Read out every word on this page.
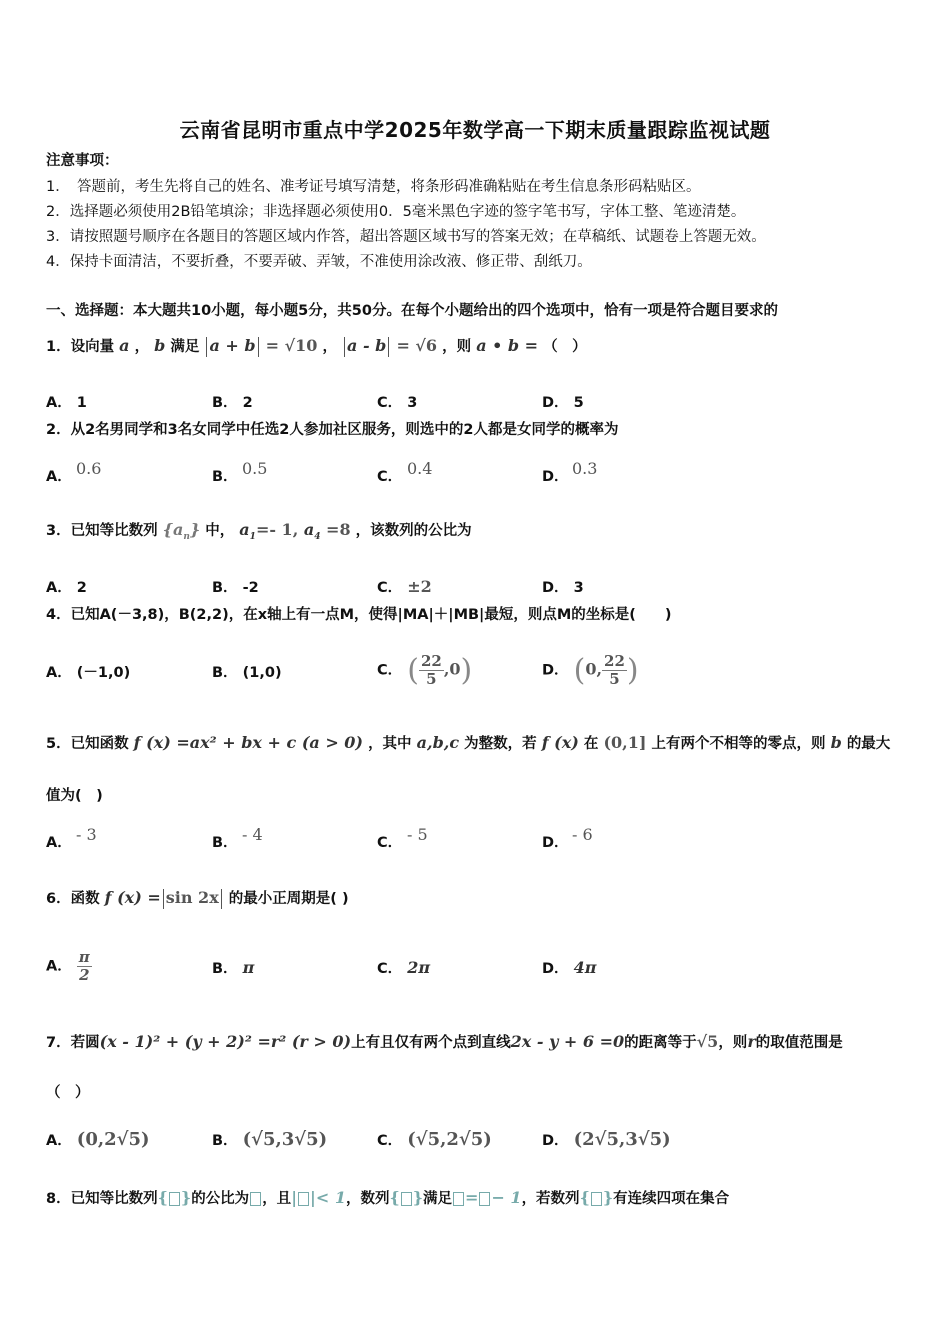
云南省昆明市重点中学2025年数学高一下期末质量跟踪监视试题
注意事项：
1．　答题前，考生先将自己的姓名、准考证号填写清楚，将条形码准确粘贴在考生信息条形码粘贴区。
2．选择题必须使用2B铅笔填涂；非选择题必须使用0．5毫米黑色字迹的签字笔书写，字体工整、笔迹清楚。
3．请按照题号顺序在各题目的答题区域内作答，超出答题区域书写的答案无效；在草稿纸、试题卷上答题无效。
4．保持卡面清洁，不要折叠，不要弄破、弄皱，不准使用涂改液、修正带、刮纸刀。
一、选择题：本大题共10小题，每小题5分，共50分。在每个小题给出的四个选项中，恰有一项是符合题目要求的
1．设向量 a ， b 满足 a + b = √10 ， a - b = √6 ，则 a • b = （　）
A． 1	B． 2	C． 3	D． 5
2．从2名男同学和3名女同学中任选2人参加社区服务，则选中的2人都是女同学的概率为
A． 0.6	B． 0.5	C． 0.4	D． 0.3
3．已知等比数列 $\{a_n\}$ 中， $a_1=-$ 1, $a_4 =8$ ，该数列的公比为
A． 2	B． -2	C． ±2	D． 3
4．已知A(－3,8)，B(2,2)，在x轴上有一点M，使得|MA|＋|MB|最短，则点M的坐标是(　　)
A． (－1,0)	B． (1,0)	C． ( $\frac{22}{5} ,0$)	D． (0, $\frac{22}{5}$ )
5．已知函数 f (x) =ax² + bx + c (a > 0) ，其中 a,b,c 为整数，若 f (x) 在 (0,1] 上有两个不相等的零点，则 b 的最大
值为(　)
A． - 3	B． - 4	C． - 5	D． - 6
6．函数 f (x) = sin 2x 的最小正周期是( )
A． $\frac{\pi}{2}$	B． π	C． 2π	D． 4π
7．若圆(x - 1)² + (y + 2)² =r² (r > 0)上有且仅有两个点到直线2x - y + 6 =0的距离等于√5，则r的取值范围是
（　）
A． (0,2√5)	B． (√5,3√5)	C． (√5,2√5)	D． (2√5,3√5)
8．已知等比数列{ }的公比为 ，且| |< 1，数列{ }满足 = − 1，若数列{ }有连续四项在集合
